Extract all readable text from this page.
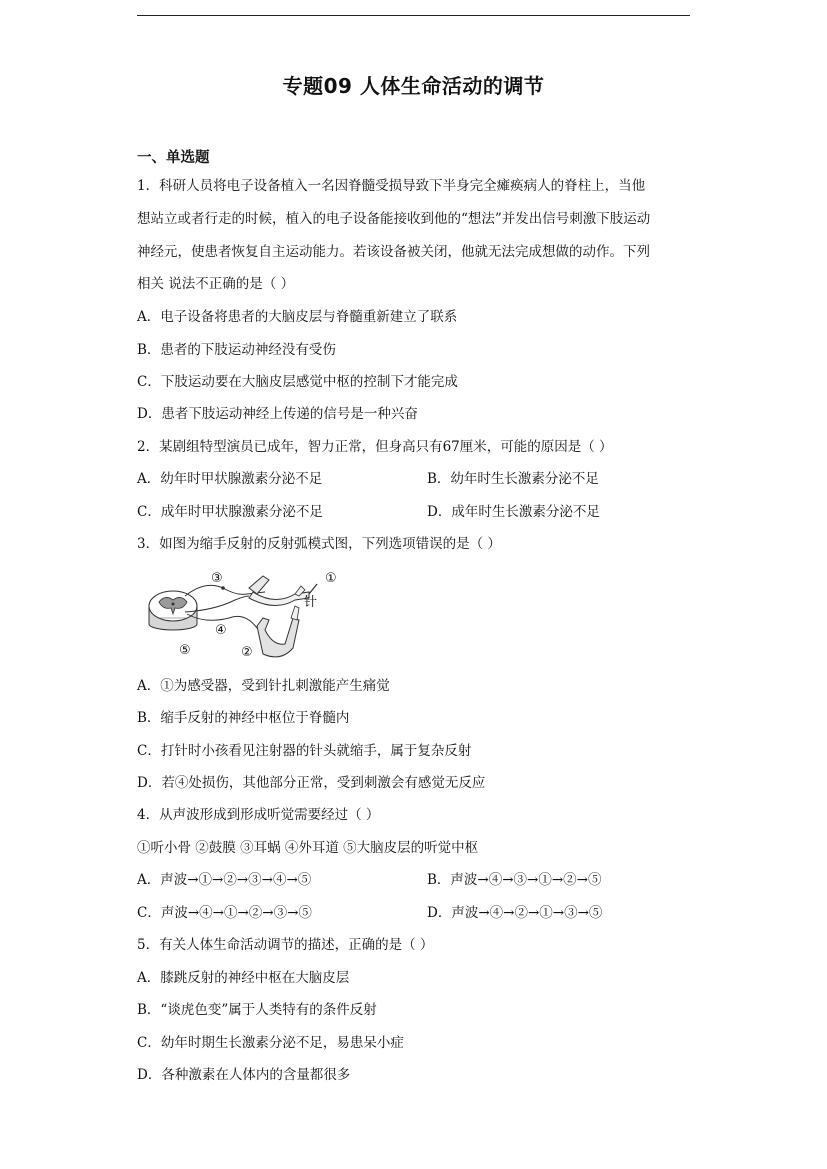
专题09 人体生命活动的调节
一、单选题
1．科研人员将电子设备植入一名因脊髓受损导致下半身完全瘫痪病人的脊柱上，当他
想站立或者行走的时候，植入的电子设备能接收到他的“想法”并发出信号刺激下肢运动
神经元，使患者恢复自主运动能力。若该设备被关闭，他就无法完成想做的动作。下列
相关 说法不正确的是（ ）
A．电子设备将患者的大脑皮层与脊髓重新建立了联系
B．患者的下肢运动神经没有受伤
C．下肢运动要在大脑皮层感觉中枢的控制下才能完成
D．患者下肢运动神经上传递的信号是一种兴奋
2．某剧组特型演员已成年，智力正常，但身高只有67厘米，可能的原因是（ ）
A．幼年时甲状腺激素分泌不足	B．幼年时生长激素分泌不足
C．成年时甲状腺激素分泌不足	D．成年时生长激素分泌不足
3．如图为缩手反射的反射弧模式图，下列选项错误的是（ ）
③	①
针
④
⑤	②
A．①为感受器，受到针扎刺激能产生痛觉
B．缩手反射的神经中枢位于脊髓内
C．打针时小孩看见注射器的针头就缩手，属于复杂反射
D．若④处损伤，其他部分正常，受到刺激会有感觉无反应
4．从声波形成到形成听觉需要经过（ ）
①听小骨 ②鼓膜 ③耳蜗 ④外耳道 ⑤大脑皮层的听觉中枢
A．声波→①→②→③→④→⑤	B．声波→④→③→①→②→⑤
C．声波→④→①→②→③→⑤	D．声波→④→②→①→③→⑤
5．有关人体生命活动调节的描述，正确的是（ ）
A．膝跳反射的神经中枢在大脑皮层
B．“谈虎色变”属于人类特有的条件反射
C．幼年时期生长激素分泌不足，易患呆小症
D．各种激素在人体内的含量都很多
